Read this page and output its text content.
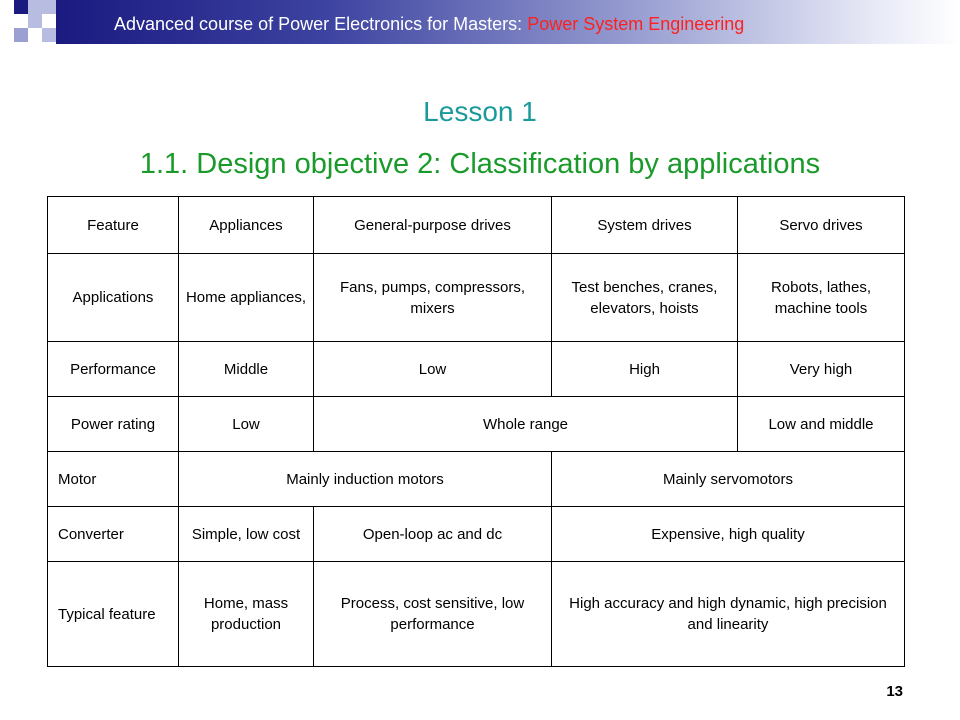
Advanced course of Power Electronics for Masters: Power System Engineering
Lesson 1
1.1. Design objective 2: Classification by applications
Feature	Appliances	General-purpose drives	System drives	Servo drives
Applications	Home appliances,	Fans, pumps, compressors, mixers	Test benches, cranes, elevators, hoists	Robots, lathes, machine tools
Performance	Middle	Low	High	Very high
Power rating	Low	Whole range		Low and middle
Motor	Mainly induction motors		Mainly servomotors	
Converter	Simple, low cost	Open-loop ac and dc	Expensive, high quality	
Typical feature	Home, mass production	Process, cost sensitive, low performance	High accuracy and high dynamic, high precision and linearity	
13
